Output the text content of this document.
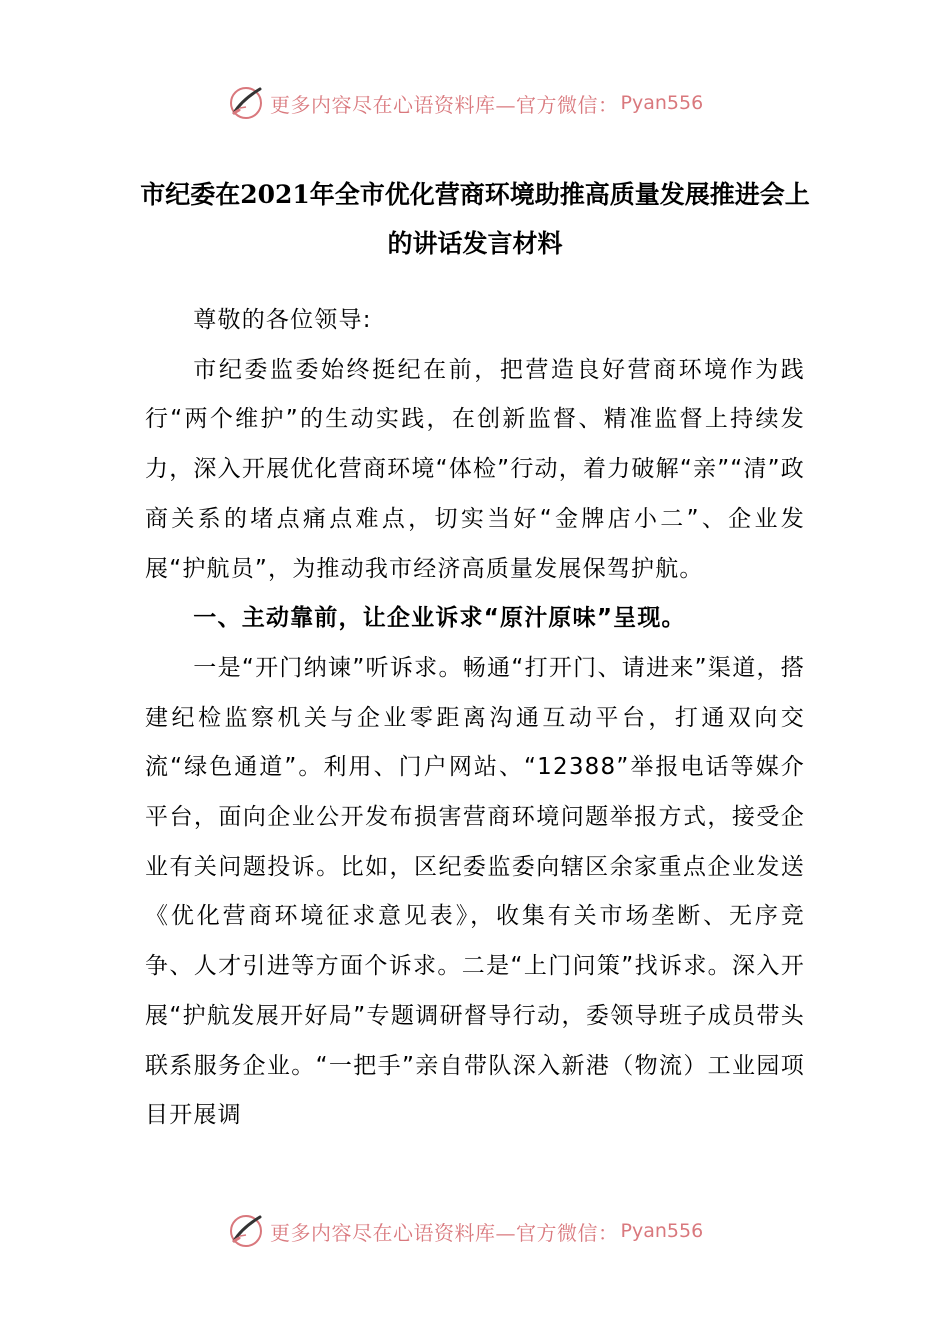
更多内容尽在心语资料库—官方微信： Pyan556
市纪委在2021年全市优化营商环境助推高质量发展推进会上的讲话发言材料

尊敬的各位领导:

市纪委监委始终挺纪在前，把营造良好营商环境作为践行“两个维护”的生动实践，在创新监督、精准监督上持续发力，深入开展优化营商环境“体检”行动，着力破解“亲”“清”政商关系的堵点痛点难点，切实当好“金牌店小二”、企业发展“护航员”，为推动我市经济高质量发展保驾护航。

一、主动靠前，让企业诉求“原汁原味”呈现。

一是“开门纳谏”听诉求。畅通“打开门、请进来”渠道，搭建纪检监察机关与企业零距离沟通互动平台，打通双向交流“绿色通道”。利用、门户网站、“12388”举报电话等媒介平台，面向企业公开发布损害营商环境问题举报方式，接受企业有关问题投诉。比如，区纪委监委向辖区余家重点企业发送《优化营商环境征求意见表》，收集有关市场垄断、无序竞争、人才引进等方面个诉求。二是“上门问策”找诉求。深入开展“护航发展开好局”专题调研督导行动，委领导班子成员带头联系服务企业。“一把手”亲自带队深入新港（物流）工业园项目开展调

更多内容尽在心语资料库—官方微信： Pyan556
